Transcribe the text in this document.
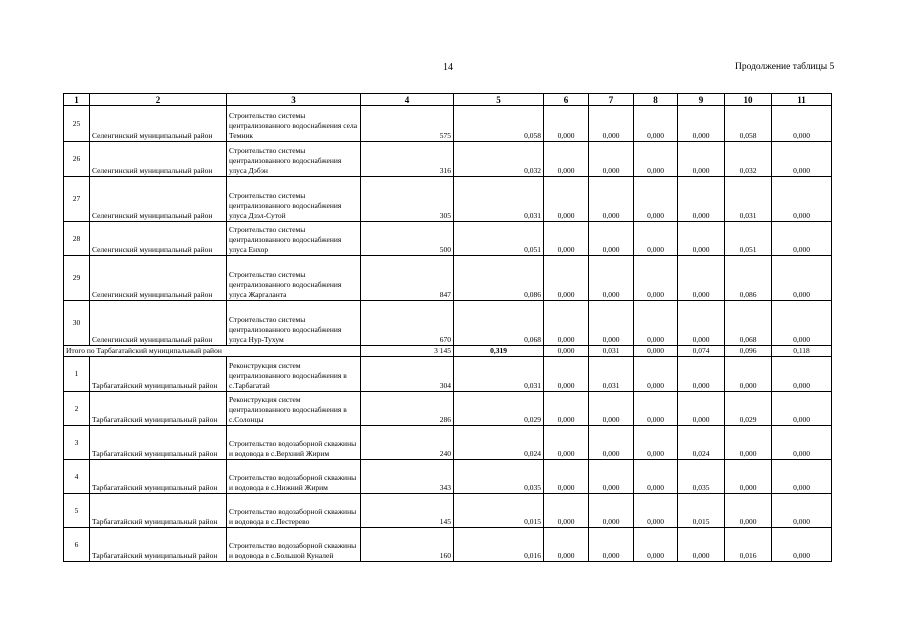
14	Продолжение таблицы 5
1	2	3	4	5	6	7	8	9	10	11
25	Селенгинский муниципальный район	Строительство системы централизованного водоснабжения села Темник	575	0,058	0,000	0,000	0,000	0,000	0,058	0,000
26	Селенгинский муниципальный район	Строительство системы централизованного водоснабжения улуса Дэбэн	316	0,032	0,000	0,000	0,000	0,000	0,032	0,000
27	Селенгинский муниципальный район	Строительство системы централизованного водоснабжения улуса Дзэл-Сутой	305	0,031	0,000	0,000	0,000	0,000	0,031	0,000
28	Селенгинский муниципальный район	Строительство системы централизованного водоснабжения улуса Енхор	500	0,051	0,000	0,000	0,000	0,000	0,051	0,000
29	Селенгинский муниципальный район	Строительство системы централизованного водоснабжения улуса Жаргаланта	847	0,086	0,000	0,000	0,000	0,000	0,086	0,000
30	Селенгинский муниципальный район	Строительство системы централизованного водоснабжения улуса Нур-Тухум	670	0,068	0,000	0,000	0,000	0,000	0,068	0,000
Итого по Тарбагатайский муниципальный район			3 145	0,319	0,000	0,031	0,000	0,074	0,096	0,118
1	Тарбагатайский муниципальный район	Реконструкция систем централизованного водоснабжения в с.Тарбагатай	304	0,031	0,000	0,031	0,000	0,000	0,000	0,000
2	Тарбагатайский муниципальный район	Реконструкция систем централизованного водоснабжения в с.Солонцы	286	0,029	0,000	0,000	0,000	0,000	0,029	0,000
3	Тарбагатайский муниципальный район	Строительство водозаборной скважины и водовода в с.Верхний Жирим	240	0,024	0,000	0,000	0,000	0,024	0,000	0,000
4	Тарбагатайский муниципальный район	Строительство водозаборной скважины и водовода в с.Нижний Жирим	343	0,035	0,000	0,000	0,000	0,035	0,000	0,000
5	Тарбагатайский муниципальный район	Строительство водозаборной скважины и водовода в с.Пестерево	145	0,015	0,000	0,000	0,000	0,015	0,000	0,000
6	Тарбагатайский муниципальный район	Строительство водозаборной скважины и водовода в с.Большой Куналей	160	0,016	0,000	0,000	0,000	0,000	0,016	0,000
